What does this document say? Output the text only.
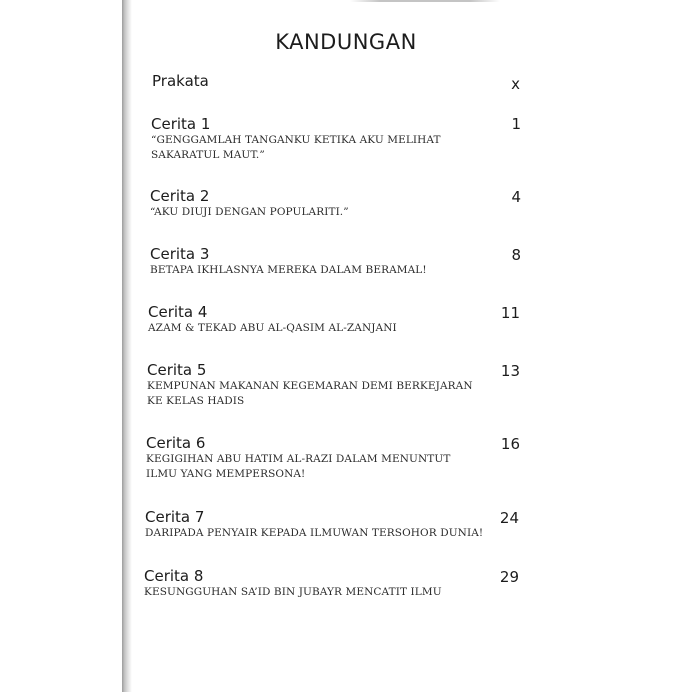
KANDUNGAN
Prakata	x
Cerita 1
“GENGGAMLAH TANGANKU KETIKA AKU MELIHAT
SAKARATUL MAUT.”
1
Cerita 2
“AKU DIUJI DENGAN POPULARITI.”
4
Cerita 3
BETAPA IKHLASNYA MEREKA DALAM BERAMAL!
8
Cerita 4
AZAM & TEKAD ABU AL-QASIM AL-ZANJANI
11
Cerita 5
KEMPUNAN MAKANAN KEGEMARAN DEMI BERKEJARAN
KE KELAS HADIS
13
Cerita 6
KEGIGIHAN ABU HATIM AL-RAZI DALAM MENUNTUT
ILMU YANG MEMPERSONA!
16
Cerita 7
DARIPADA PENYAIR KEPADA ILMUWAN TERSOHOR DUNIA!
24
Cerita 8
KESUNGGUHAN SA’ID BIN JUBAYR MENCATIT ILMU
29
